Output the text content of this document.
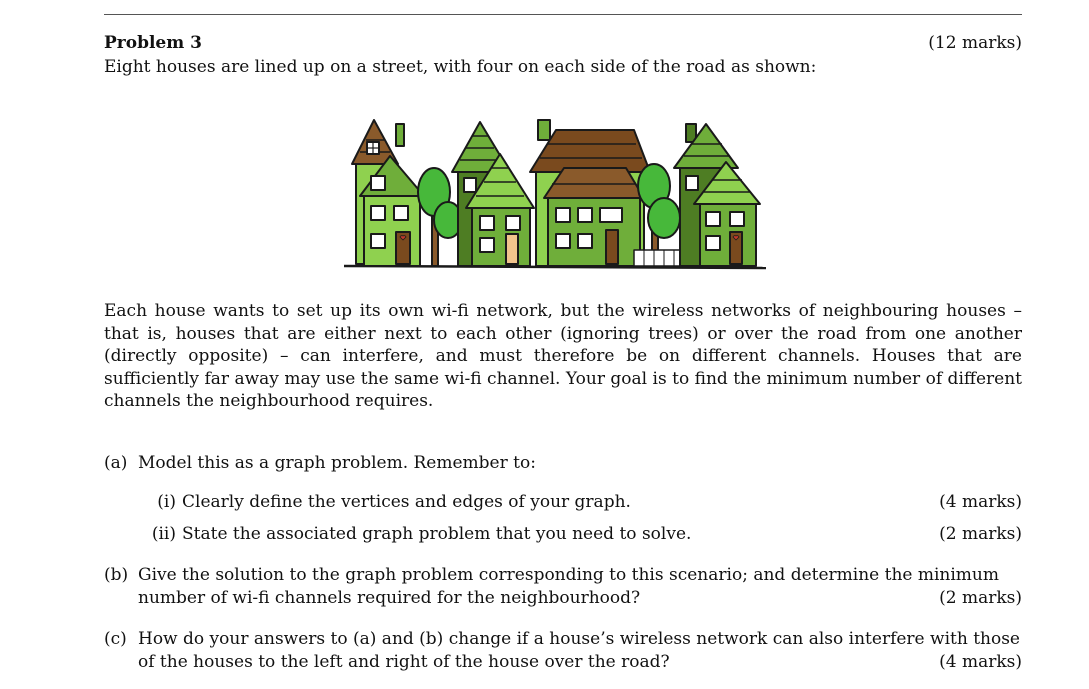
Problem 3	(12 marks)

Eight houses are lined up on a street, with four on each side of the road as shown:

Each house wants to set up its own wi-fi network, but the wireless networks of neighbouring houses – that is, houses that are either next to each other (ignoring trees) or over the road from one another (directly opposite) – can interfere, and must therefore be on different channels. Houses that are sufficiently far away may use the same wi-fi channel. Your goal is to find the minimum number of different channels the neighbourhood requires.

(a) Model this as a graph problem. Remember to:
(i) Clearly define the vertices and edges of your graph.	(4 marks)
(ii) State the associated graph problem that you need to solve.	(2 marks)
(b) Give the solution to the graph problem corresponding to this scenario; and determine the minimum
number of wi-fi channels required for the neighbourhood?	(2 marks)
(c) How do your answers to (a) and (b) change if a house’s wireless network can also interfere with those
of the houses to the left and right of the house over the road?	(4 marks)
